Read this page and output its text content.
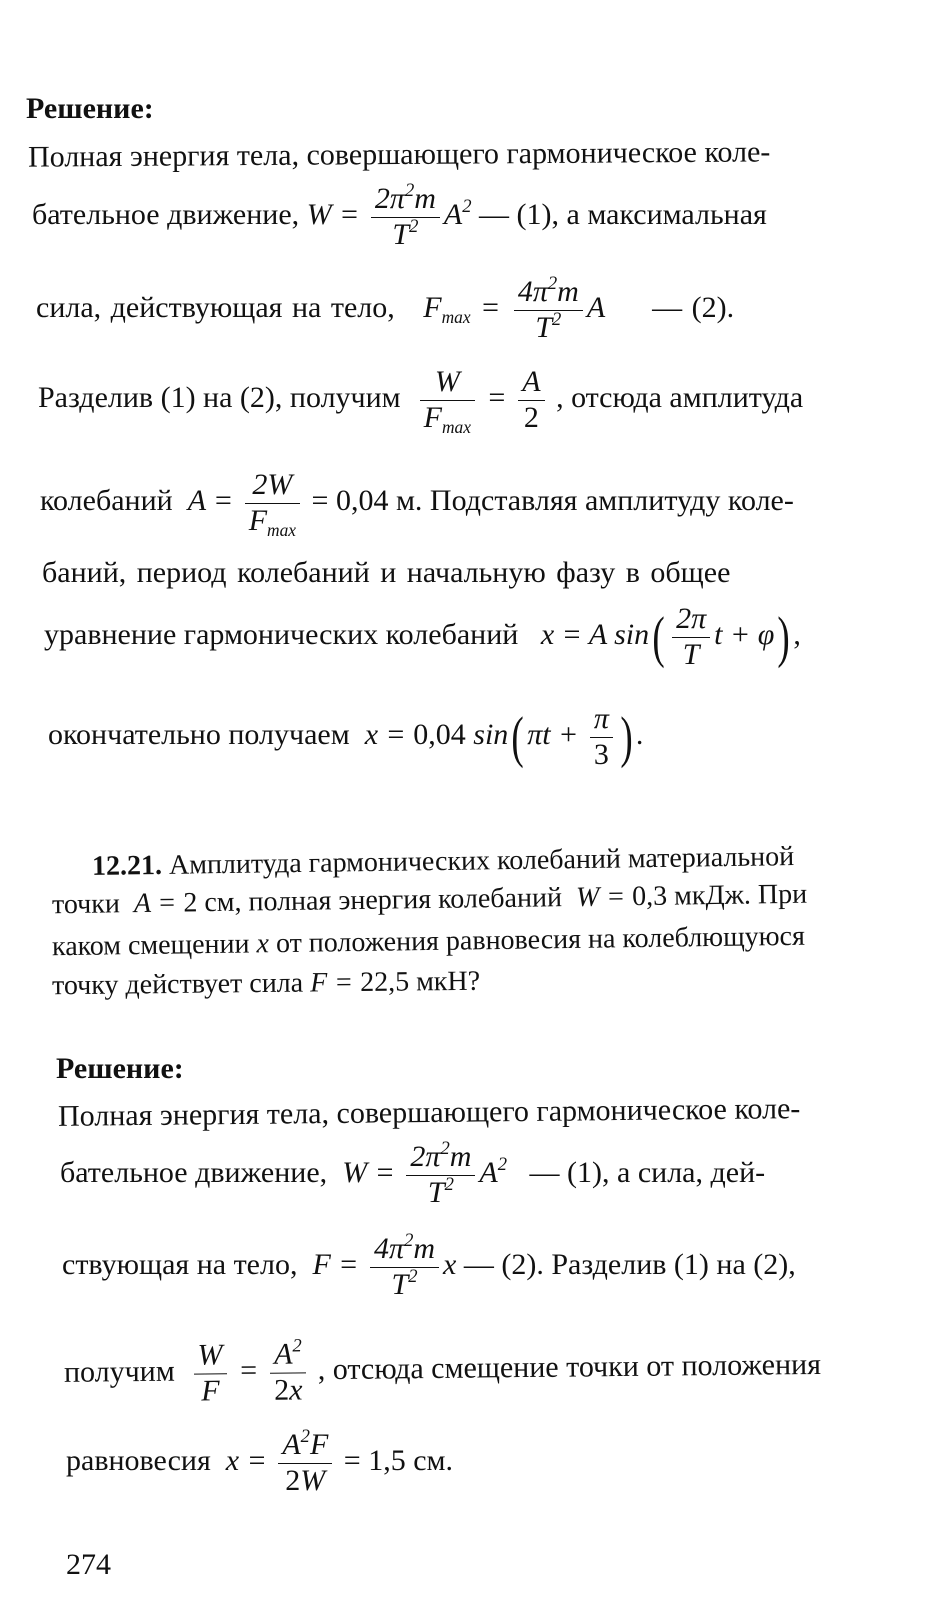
Решение:
Полная энергия тела, совершающего гармоническое коле-
бательное движение, $W = \frac{2\pi^2m}{T^2} A^2$ — (1), а максимальная
сила, действующая на тело, $F_{max} = \frac{4\pi^2m}{T^2}$ A     — (2).
Разделив (1) на (2), получим $\frac{W}{F_{max}} = \frac{A}{2}$ , отсюда амплитуда
колебаний $A = \frac{2W}{F_{max}} = 0,04$ м. Подставляя амплитуду коле-
баний, период колебаний и начальную фазу в общее
уравнение гармонических колебаний x = A $\sin( \frac{2\pi}{T}$ t + φ) ,
окончательно получаем x = 0,04 sin( $\pi t + \frac{\pi}{3}$ ) .
12.21. Амплитуда гармонических колебаний материальной
точки A = 2 см, полная энергия колебаний W = 0,3 мкДж. При
каком смещении x от положения равновесия на колеблющуюся
точку действует сила F = 22,5 мкН?
Решение:
Полная энергия тела, совершающего гармоническое коле-
бательное движение, $W = \frac{2\pi^2m}{T^2} A^2$ — (1), а сила, дей-
ствующая на тело, $F = \frac{4\pi^2m}{T^2}$ x — (2). Разделив (1) на (2),
получим $\frac{W}{F} = \frac{A^2}{2x}$ , отсюда смещение точки от положения
равновесия $x = \frac{A^2F}{2W} = 1,5$ см.
274
